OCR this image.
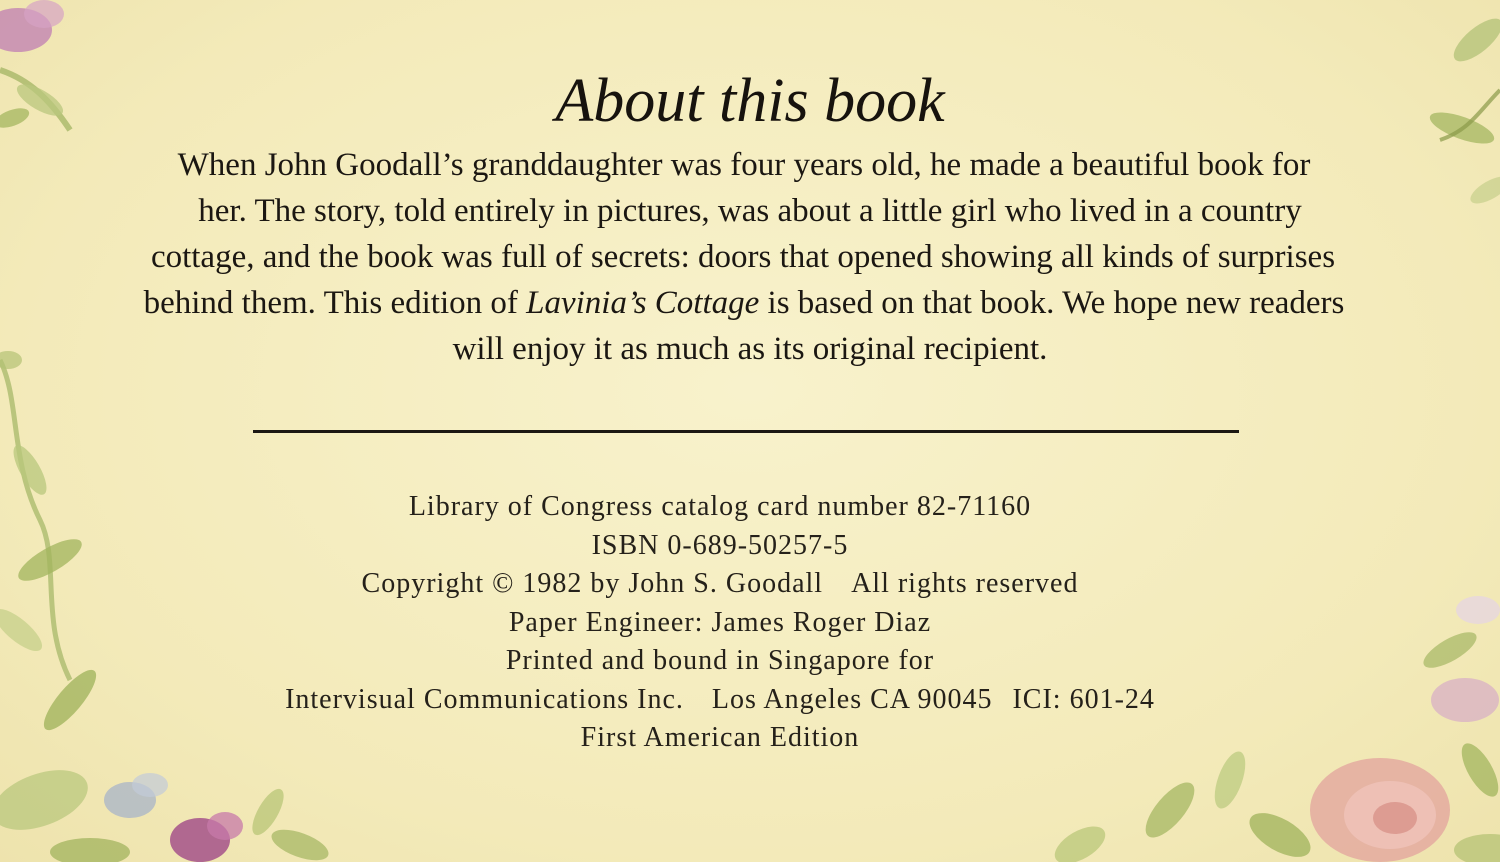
About this book

When John Goodall’s granddaughter was four years old, he made a beautiful book for
her. The story, told entirely in pictures, was about a little girl who lived in a country
cottage, and the book was full of secrets: doors that opened showing all kinds of surprises
behind them. This edition of Lavinia’s Cottage is based on that book. We hope new readers
will enjoy it as much as its original recipient.

Library of Congress catalog card number 82-71160
ISBN 0-689-50257-5
Copyright © 1982 by John S. Goodall All rights reserved
Paper Engineer: James Roger Diaz
Printed and bound in Singapore for
Intervisual Communications Inc. Los Angeles CA 90045 ICI: 601-24
First American Edition
